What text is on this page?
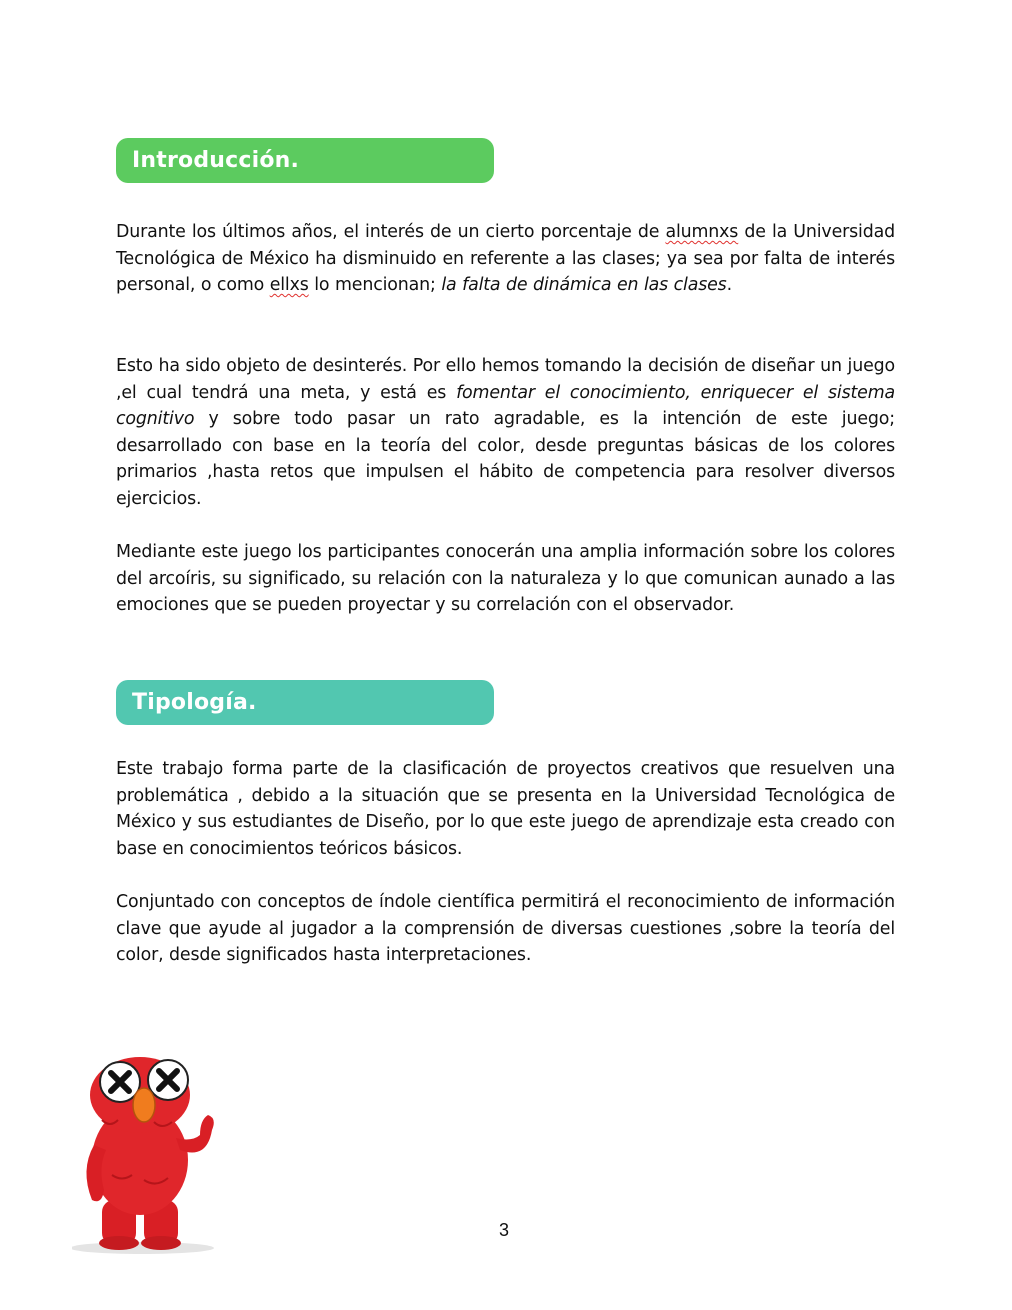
Introducción.

Durante los últimos años, el interés de un cierto porcentaje de alumnxs de la Universidad Tecnológica de México ha disminuido en referente a las clases; ya sea por falta de interés personal, o como ellxs lo mencionan; la falta de dinámica en las clases.

Esto ha sido objeto de desinterés. Por ello hemos tomando la decisión de diseñar un juego ,el cual tendrá una meta, y está es fomentar el conocimiento, enriquecer el sistema cognitivo y sobre todo pasar un rato agradable, es la intención de este juego; desarrollado con base en la teoría del color, desde preguntas básicas de los colores primarios ,hasta retos que impulsen el hábito de competencia para resolver diversos ejercicios.

Mediante este juego los participantes conocerán una amplia información sobre los colores del arcoíris, su significado, su relación con la naturaleza y lo que comunican aunado a las emociones que se pueden proyectar y su correlación con el observador.

Tipología.

Este trabajo forma parte de la clasificación de proyectos creativos que resuelven una problemática , debido a la situación que se presenta en la Universidad Tecnológica de México y sus estudiantes de Diseño, por lo que este juego de aprendizaje esta creado con base en conocimientos teóricos básicos.

Conjuntado con conceptos de índole científica permitirá el reconocimiento de información clave que ayude al jugador a la comprensión de diversas cuestiones ,sobre la teoría del color, desde significados hasta interpretaciones.

3
